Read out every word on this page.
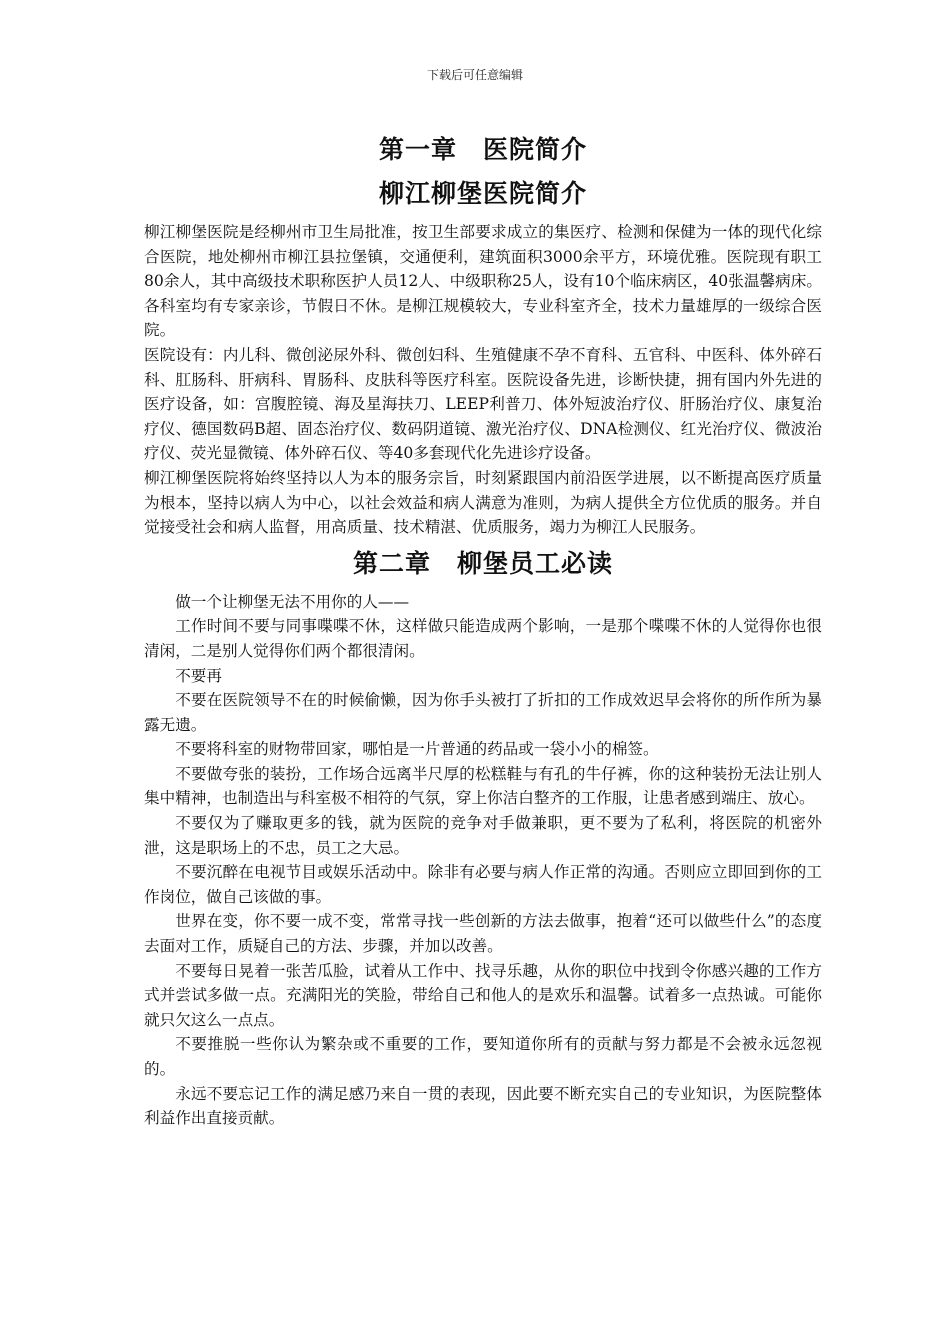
下载后可任意编辑
第一章　医院简介
柳江柳堡医院简介

柳江柳堡医院是经柳州市卫生局批准，按卫生部要求成立的集医疗、检测和保健为一体的现代化综合医院，地处柳州市柳江县拉堡镇，交通便利，建筑面积3000余平方，环境优雅。医院现有职工80余人，其中高级技术职称医护人员12人、中级职称25人，设有10个临床病区，40张温馨病床。各科室均有专家亲诊，节假日不休。是柳江规模较大，专业科室齐全，技术力量雄厚的一级综合医院。

医院设有：内儿科、微创泌尿外科、微创妇科、生殖健康不孕不育科、五官科、中医科、体外碎石科、肛肠科、肝病科、胃肠科、皮肤科等医疗科室。医院设备先进，诊断快捷，拥有国内外先进的医疗设备，如：宫腹腔镜、海及星海扶刀、LEEP利普刀、体外短波治疗仪、肝肠治疗仪、康复治疗仪、德国数码B超、固态治疗仪、数码阴道镜、激光治疗仪、DNA检测仪、红光治疗仪、微波治疗仪、荧光显微镜、体外碎石仪、等40多套现代化先进诊疗设备。

柳江柳堡医院将始终坚持以人为本的服务宗旨，时刻紧跟国内前沿医学进展，以不断提高医疗质量为根本，坚持以病人为中心，以社会效益和病人满意为准则，为病人提供全方位优质的服务。并自觉接受社会和病人监督，用高质量、技术精湛、优质服务，竭力为柳江人民服务。

第二章　柳堡员工必读

做一个让柳堡无法不用你的人——

工作时间不要与同事喋喋不休，这样做只能造成两个影响，一是那个喋喋不休的人觉得你也很清闲，二是别人觉得你们两个都很清闲。

不要再

不要在医院领导不在的时候偷懒，因为你手头被打了折扣的工作成效迟早会将你的所作所为暴露无遗。

不要将科室的财物带回家，哪怕是一片普通的药品或一袋小小的棉签。

不要做夸张的装扮，工作场合远离半尺厚的松糕鞋与有孔的牛仔裤，你的这种装扮无法让别人集中精神，也制造出与科室极不相符的气氛，穿上你洁白整齐的工作服，让患者感到端庄、放心。

不要仅为了赚取更多的钱，就为医院的竞争对手做兼职，更不要为了私利，将医院的机密外泄，这是职场上的不忠，员工之大忌。

不要沉醉在电视节目或娱乐活动中。除非有必要与病人作正常的沟通。否则应立即回到你的工作岗位，做自己该做的事。

世界在变，你不要一成不变，常常寻找一些创新的方法去做事，抱着“还可以做些什么”的态度去面对工作，质疑自己的方法、步骤，并加以改善。

不要每日晃着一张苦瓜脸，试着从工作中、找寻乐趣，从你的职位中找到令你感兴趣的工作方式并尝试多做一点。充满阳光的笑脸，带给自己和他人的是欢乐和温馨。试着多一点热诚。可能你就只欠这么一点点。

不要推脱一些你认为繁杂或不重要的工作，要知道你所有的贡献与努力都是不会被永远忽视的。

永远不要忘记工作的满足感乃来自一贯的表现，因此要不断充实自己的专业知识，为医院整体利益作出直接贡献。
